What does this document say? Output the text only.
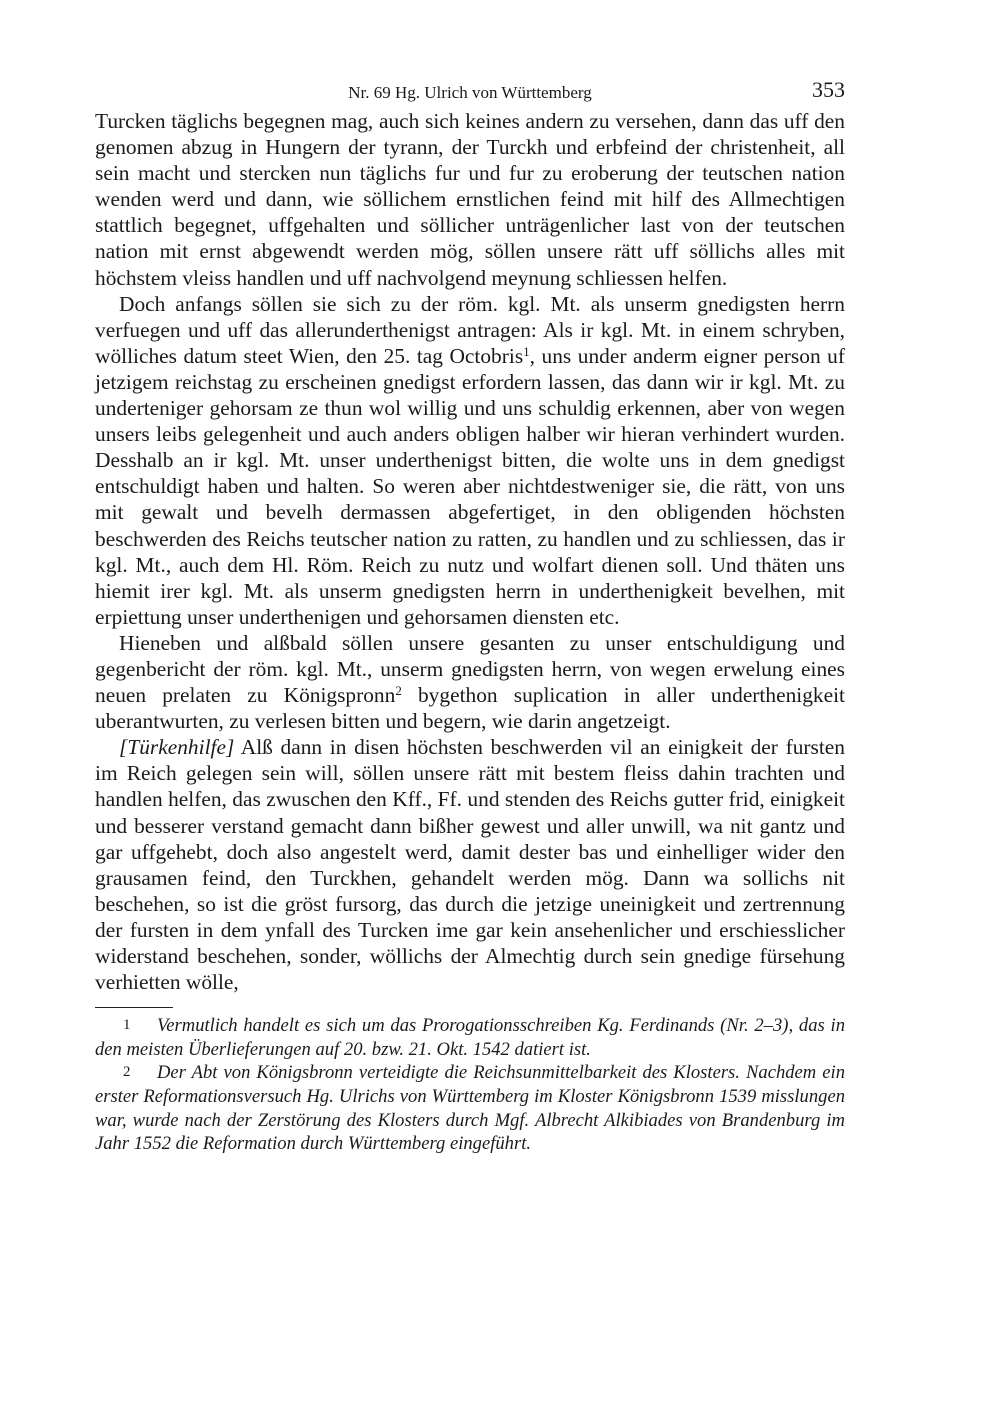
Nr. 69 Hg. Ulrich von Württemberg	353

Turcken täglichs begegnen mag, auch sich keines andern zu versehen, dann das uff den genomen abzug in Hungern der tyrann, der Turckh und erbfeind der christenheit, all sein macht und stercken nun täglichs fur und fur zu eroberung der teutschen nation wenden werd und dann, wie söllichem ernstlichen feind mit hilf des Allmechtigen stattlich begegnet, uffgehalten und söllicher unträgenlicher last von der teutschen nation mit ernst abgewendt werden mög, söllen unsere rätt uff söllichs alles mit höchstem vleiss handlen und uff nachvolgend meynung schliessen helfen.

Doch anfangs söllen sie sich zu der röm. kgl. Mt. als unserm gnedigsten herrn verfuegen und uff das allerunderthenigst antragen: Als ir kgl. Mt. in einem schryben, wölliches datum steet Wien, den 25. tag Octobris$^1$, uns under anderm eigner person uf jetzigem reichstag zu erscheinen gnedigst erfordern lassen, das dann wir ir kgl. Mt. zu underteniger gehorsam ze thun wol willig und uns schuldig erkennen, aber von wegen unsers leibs gelegenheit und auch anders obligen halber wir hieran verhindert wurden. Desshalb an ir kgl. Mt. unser underthenigst bitten, die wolte uns in dem gnedigst entschuldigt haben und halten. So weren aber nichtdestweniger sie, die rätt, von uns mit gewalt und bevelh dermassen abgefertiget, in den obligenden höchsten beschwerden des Reichs teutscher nation zu ratten, zu handlen und zu schliessen, das ir kgl. Mt., auch dem Hl. Röm. Reich zu nutz und wolfart dienen soll. Und thäten uns hiemit irer kgl. Mt. als unserm gnedigsten herrn in underthenigkeit bevelhen, mit erpiettung unser underthenigen und gehorsamen diensten etc.

Hieneben und alßbald söllen unsere gesanten zu unser entschuldigung und gegenbericht der röm. kgl. Mt., unserm gnedigsten herrn, von wegen erwelung eines neuen prelaten zu Königspronn$^2$ bygethon suplication in aller underthenigkeit uberantwurten, zu verlesen bitten und begern, wie darin angetzeigt.

[Türkenhilfe] Alß dann in disen höchsten beschwerden vil an einigkeit der fursten im Reich gelegen sein will, söllen unsere rätt mit bestem fleiss dahin trachten und handlen helfen, das zwuschen den Kff., Ff. und stenden des Reichs gutter frid, einigkeit und besserer verstand gemacht dann bißher gewest und aller unwill, wa nit gantz und gar uffgehebt, doch also angestelt werd, damit dester bas und einhelliger wider den grausamen feind, den Turckhen, gehandelt werden mög. Dann wa sollichs nit beschehen, so ist die gröst fursorg, das durch die jetzige uneinigkeit und zertrennung der fursten in dem ynfall des Turcken ime gar kein ansehenlicher und erschiesslicher widerstand beschehen, sonder, wöllichs der Almechtig durch sein gnedige fürsehung verhietten wölle,

1 Vermutlich handelt es sich um das Prorogationsschreiben Kg. Ferdinands (Nr. 2–3), das in den meisten Überlieferungen auf 20. bzw. 21. Okt. 1542 datiert ist.

2 Der Abt von Königsbronn verteidigte die Reichsunmittelbarkeit des Klosters. Nachdem ein erster Reformationsversuch Hg. Ulrichs von Württemberg im Kloster Königsbronn 1539 misslungen war, wurde nach der Zerstörung des Klosters durch Mgf. Albrecht Alkibiades von Brandenburg im Jahr 1552 die Reformation durch Württemberg eingeführt.
